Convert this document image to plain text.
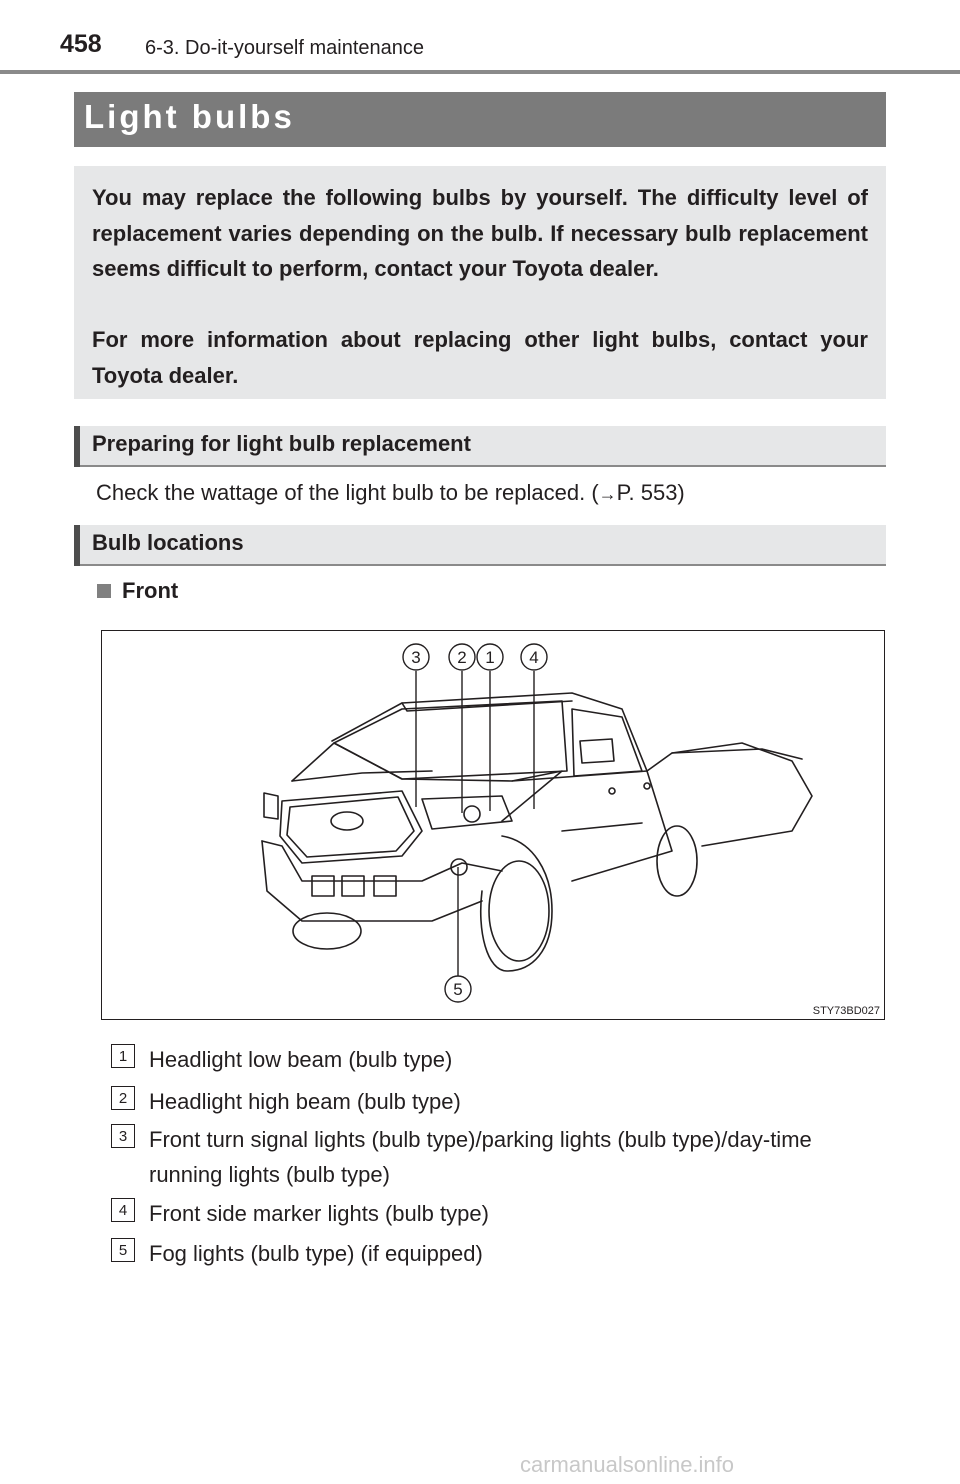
458 6-3. Do-it-yourself maintenance
Light bulbs

You may replace the following bulbs by yourself. The difficulty level of replacement varies depending on the bulb. If necessary bulb replacement seems difficult to perform, contact your Toyota dealer.

For more information about replacing other light bulbs, contact your Toyota dealer.

Preparing for light bulb replacement
Check the wattage of the light bulb to be replaced. (→P. 553)
Bulb locations
Front
3 2 1 4
5
STY73BD027
1 Headlight low beam (bulb type)
2 Headlight high beam (bulb type)
3 Front turn signal lights (bulb type)/parking lights (bulb type)/day-time running lights (bulb type)
4 Front side marker lights (bulb type)
5 Fog lights (bulb type) (if equipped)
carmanualsonline.info
